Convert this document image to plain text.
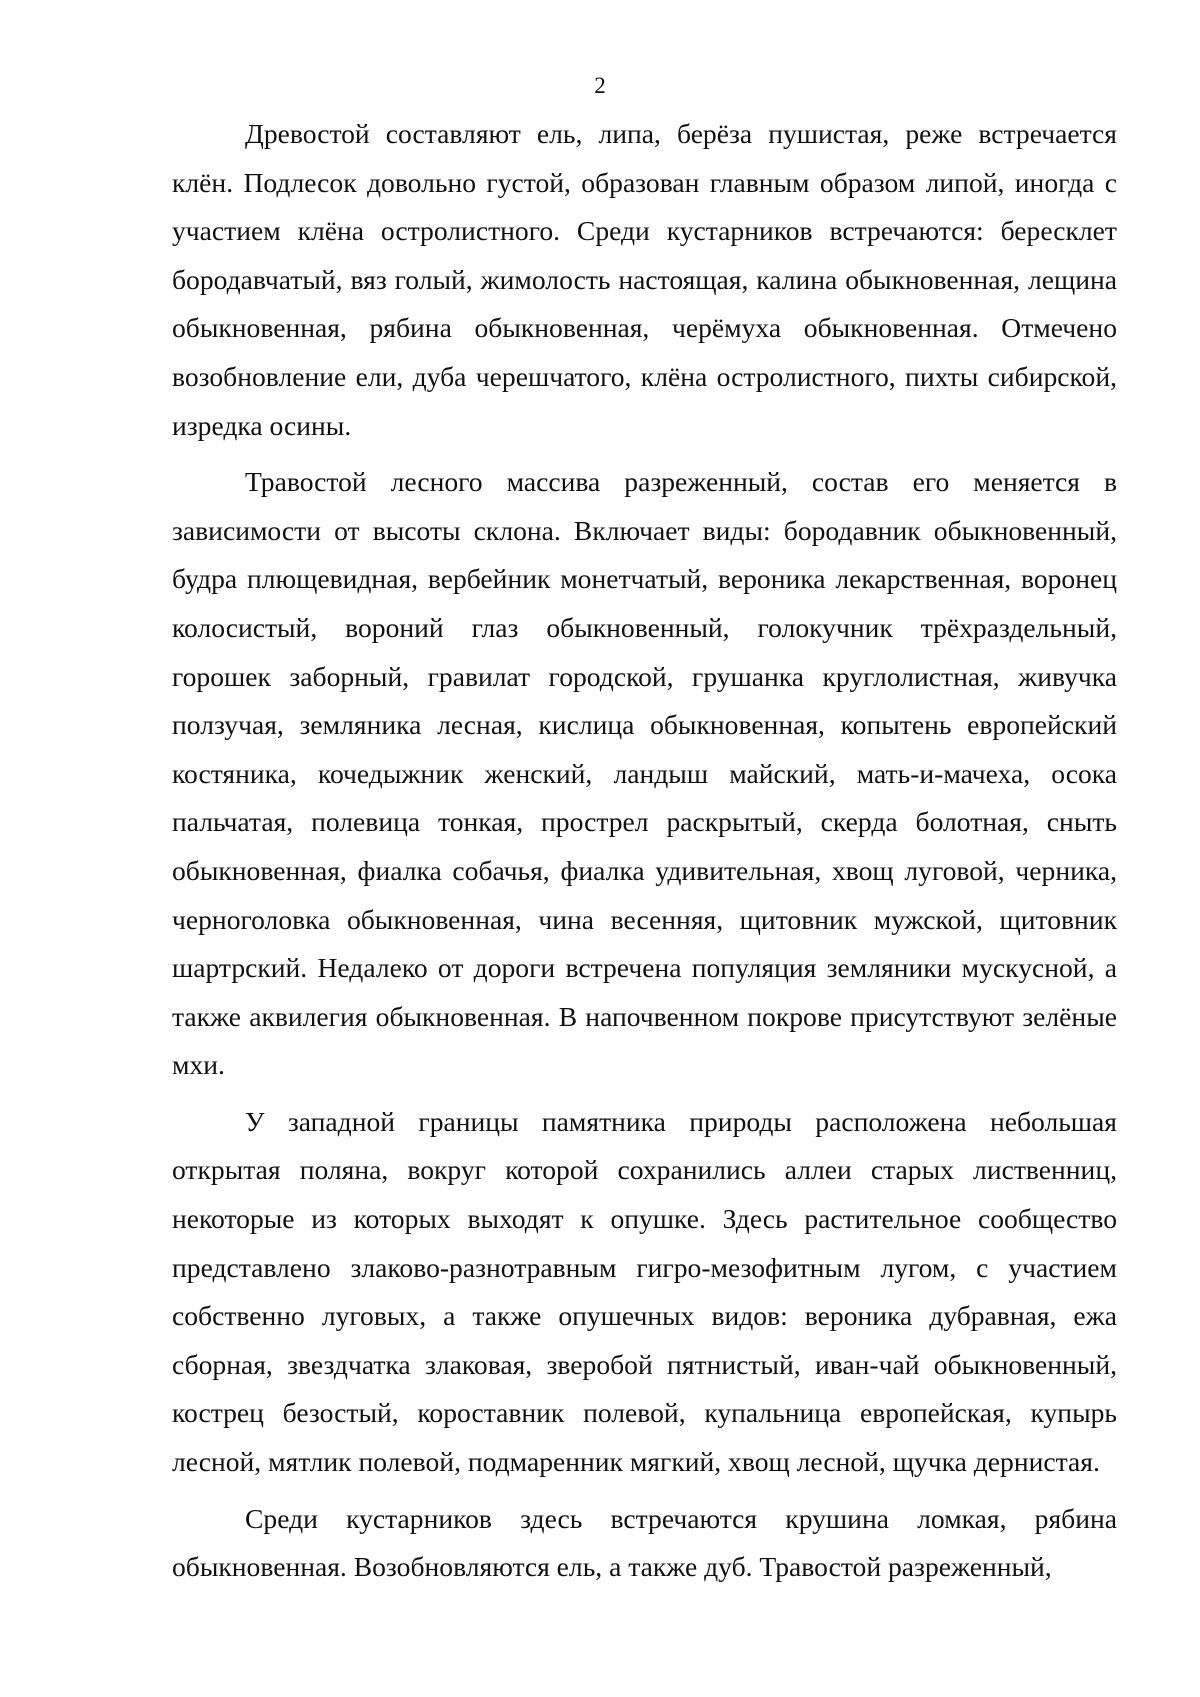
2

Древостой составляют ель, липа, берёза пушистая, реже встречается клён. Подлесок довольно густой, образован главным образом липой, иногда с участием клёна остролистного. Среди кустарников встречаются: бересклет бородавчатый, вяз голый, жимолость настоящая, калина обыкновенная, лещина обыкновенная, рябина обыкновенная, черёмуха обыкновенная. Отмечено возобновление ели, дуба черешчатого, клёна остролистного, пихты сибирской, изредка осины.

Травостой лесного массива разреженный, состав его меняется в зависимости от высоты склона. Включает виды: бородавник обыкновенный, будра плющевидная, вербейник монетчатый, вероника лекарственная, воронец колосистый, вороний глаз обыкновенный, голокучник трёхраздельный, горошек заборный, гравилат городской, грушанка круглолистная, живучка ползучая, земляника лесная, кислица обыкновенная, копытень европейский костяника, кочедыжник женский, ландыш майский, мать-и-мачеха, осока пальчатая, полевица тонкая, прострел раскрытый, скерда болотная, сныть обыкновенная, фиалка собачья, фиалка удивительная, хвощ луговой, черника, черноголовка обыкновенная, чина весенняя, щитовник мужской, щитовник шартрский. Недалеко от дороги встречена популяция земляники мускусной, а также аквилегия обыкновенная. В напочвенном покрове присутствуют зелёные мхи.

У западной границы памятника природы расположена небольшая открытая поляна, вокруг которой сохранились аллеи старых лиственниц, некоторые из которых выходят к опушке. Здесь растительное сообщество представлено злаково-разнотравным гигро-мезофитным лугом, с участием собственно луговых, а также опушечных видов: вероника дубравная, ежа сборная, звездчатка злаковая, зверобой пятнистый, иван-чай обыкновенный, кострец безостый, короставник полевой, купальница европейская, купырь лесной, мятлик полевой, подмаренник мягкий, хвощ лесной, щучка дернистая.

Среди кустарников здесь встречаются крушина ломкая, рябина обыкновенная. Возобновляются ель, а также дуб. Травостой разреженный,
